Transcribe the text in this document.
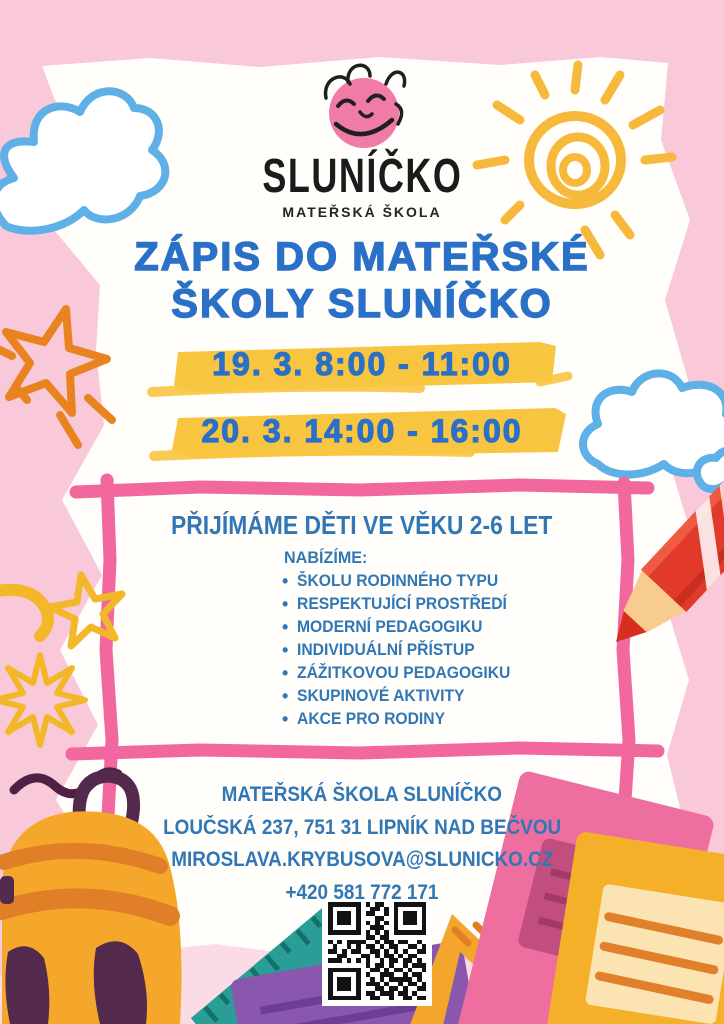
SLUNÍČKO
MATEŘSKÁ ŠKOLA
ZÁPIS DO MATEŘSKÉ
ŠKOLY SLUNÍČKO
19. 3. 8:00 - 11:00
20. 3. 14:00 - 16:00
PŘIJÍMÁME DĚTI VE VĚKU 2-6 LET
NABÍZÍME:
• ŠKOLU RODINNÉHO TYPU
• RESPEKTUJÍCÍ PROSTŘEDÍ
• MODERNÍ PEDAGOGIKU
• INDIVIDUÁLNÍ PŘÍSTUP
• ZÁŽITKOVOU PEDAGOGIKU
• SKUPINOVÉ AKTIVITY
• AKCE PRO RODINY
MATEŘSKÁ ŠKOLA SLUNÍČKO
LOUČSKÁ 237, 751 31 LIPNÍK NAD BEČVOU
MIROSLAVA.KRYBUSOVA@SLUNICKO.CZ
+420 581 772 171
